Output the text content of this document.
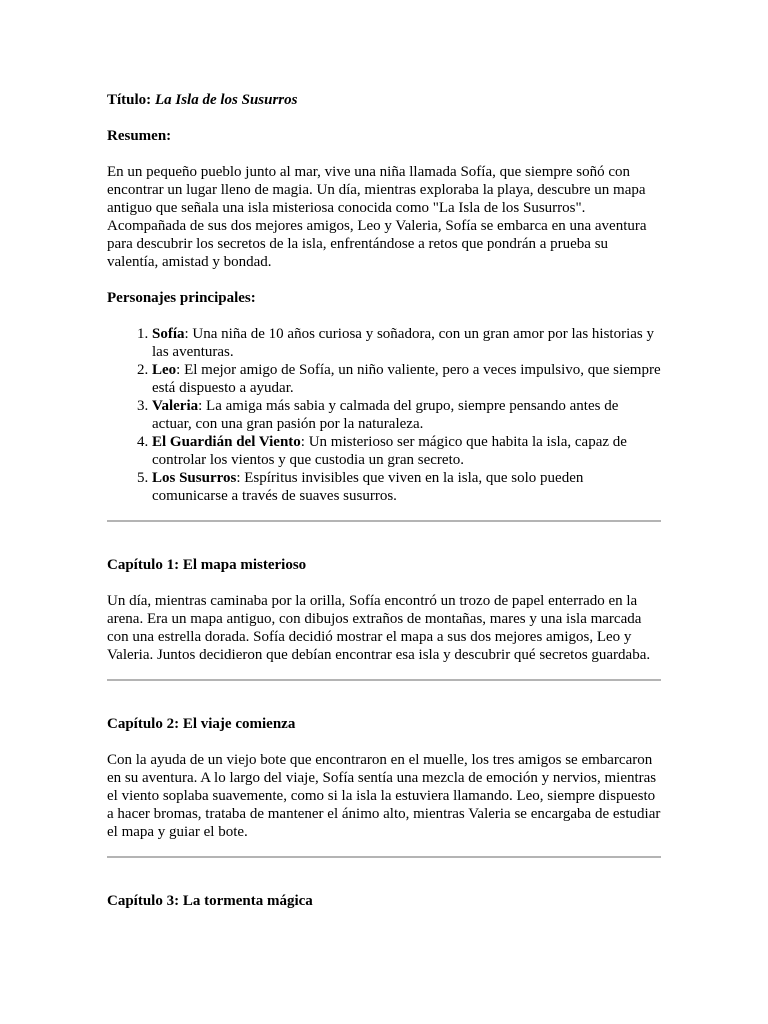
Título: La Isla de los Susurros

Resumen:

En un pequeño pueblo junto al mar, vive una niña llamada Sofía, que siempre soñó con encontrar un lugar lleno de magia. Un día, mientras exploraba la playa, descubre un mapa antiguo que señala una isla misteriosa conocida como "La Isla de los Susurros". Acompañada de sus dos mejores amigos, Leo y Valeria, Sofía se embarca en una aventura para descubrir los secretos de la isla, enfrentándose a retos que pondrán a prueba su valentía, amistad y bondad.

Personajes principales:

1. Sofía: Una niña de 10 años curiosa y soñadora, con un gran amor por las historias y las aventuras.
2. Leo: El mejor amigo de Sofía, un niño valiente, pero a veces impulsivo, que siempre está dispuesto a ayudar.
3. Valeria: La amiga más sabia y calmada del grupo, siempre pensando antes de actuar, con una gran pasión por la naturaleza.
4. El Guardián del Viento: Un misterioso ser mágico que habita la isla, capaz de controlar los vientos y que custodia un gran secreto.
5. Los Susurros: Espíritus invisibles que viven en la isla, que solo pueden comunicarse a través de suaves susurros.

Capítulo 1: El mapa misterioso

Un día, mientras caminaba por la orilla, Sofía encontró un trozo de papel enterrado en la arena. Era un mapa antiguo, con dibujos extraños de montañas, mares y una isla marcada con una estrella dorada. Sofía decidió mostrar el mapa a sus dos mejores amigos, Leo y Valeria. Juntos decidieron que debían encontrar esa isla y descubrir qué secretos guardaba.

Capítulo 2: El viaje comienza

Con la ayuda de un viejo bote que encontraron en el muelle, los tres amigos se embarcaron en su aventura. A lo largo del viaje, Sofía sentía una mezcla de emoción y nervios, mientras el viento soplaba suavemente, como si la isla la estuviera llamando. Leo, siempre dispuesto a hacer bromas, trataba de mantener el ánimo alto, mientras Valeria se encargaba de estudiar el mapa y guiar el bote.

Capítulo 3: La tormenta mágica
